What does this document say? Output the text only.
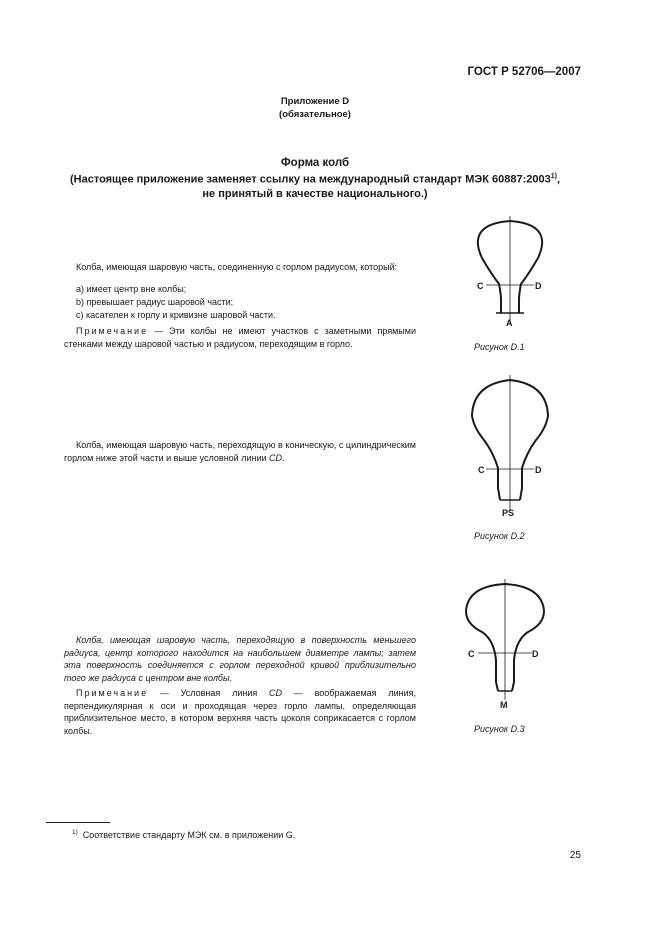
ГОСТ Р 52706—2007
Приложение D
(обязательное)
Форма колб
(Настоящее приложение заменяет ссылку на международный стандарт МЭК 60887:2003$^{1)}$,
не принятый в качестве национального.)
Колба, имеющая шаровую часть, соединенную с горлом радиусом, который:
а) имеет центр вне колбы;
b) превышает радиус шаровой части;
с) касателен к горлу и кривизне шаровой части.
Примечание — Эти колбы не имеют участков с заметными прямыми стенками между шаровой частью и радиусом, переходящим в горло.
C	D
A
Рисунок D.1
Колба, имеющая шаровую часть, переходящую в коническую, с цилиндрическим горлом ниже этой части и выше условной линии CD.
C	D
PS
Рисунок D.2
Колба, имеющая шаровую часть, переходящую в поверхность меньшего радиуса, центр которого находится на наибольшем диаметре лампы; затем эта поверхность соединяется с горлом переходной кривой приблизительно того же радиуса с центром вне колбы.
Примечание — Условная линия CD — воображаемая линия, перпендикулярная к оси и проходящая через горло лампы, определяющая приблизительное место, в котором верхняя часть цоколя соприкасается с горлом колбы.
C	D
M
Рисунок D.3
$^{1)}$ Соответствие стандарту МЭК см. в приложении G.
25
